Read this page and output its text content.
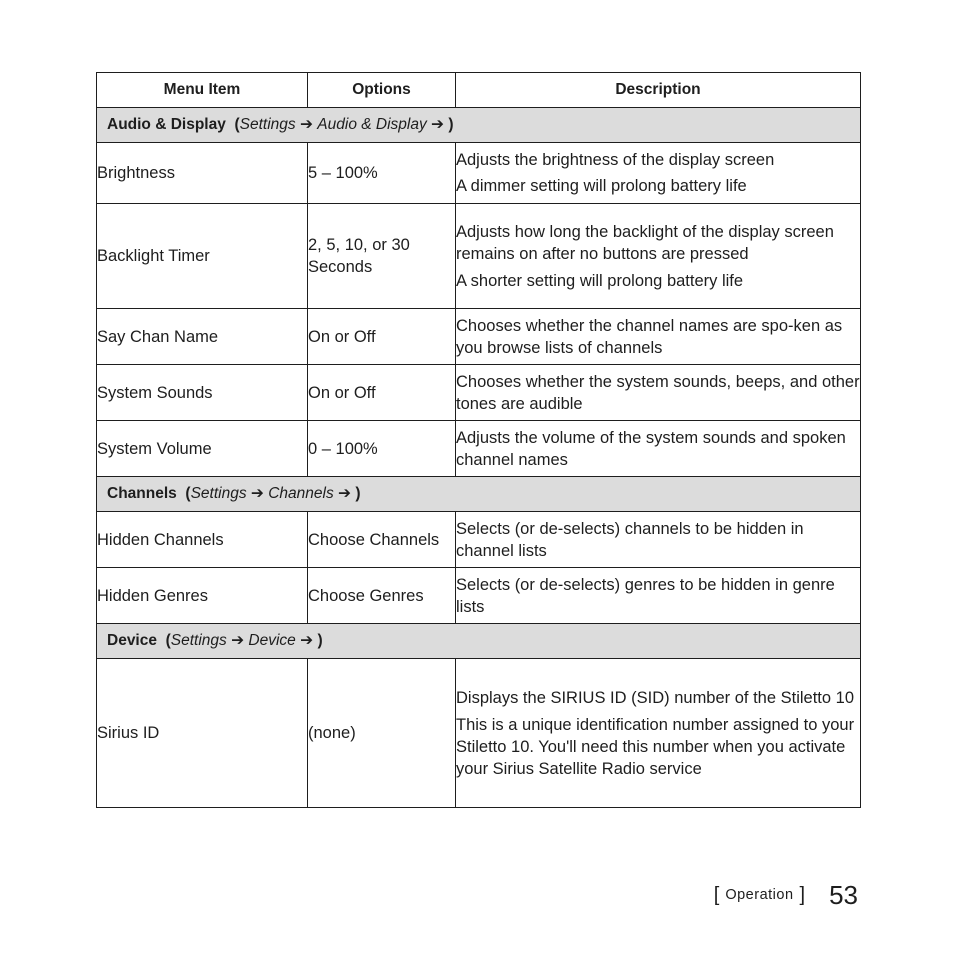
Menu Item	Options	Description
Audio & Display (Settings ➔ Audio & Display ➔ )		
Brightness	5 – 100%	Adjusts the brightness of the display screen

A dimmer setting will prolong battery life

Backlight Timer	2, 5, 10, or 30 Seconds	Adjusts how long the backlight of the display screen remains on after no buttons are pressed

A shorter setting will prolong battery life

Say Chan Name	On or Off	Chooses whether the channel names are spo-ken as you browse lists of channels

System Sounds	On or Off	Chooses whether the system sounds, beeps, and other tones are audible

System Volume	0 – 100%	Adjusts the volume of the system sounds and spoken channel names

Channels (Settings ➔ Channels ➔ )		
Hidden Channels	Choose Channels	Selects (or de-selects) channels to be hidden in channel lists

Hidden Genres	Choose Genres	Selects (or de-selects) genres to be hidden in genre lists

Device (Settings ➔ Device ➔ )		
Sirius ID	(none)	Displays the SIRIUS ID (SID) number of the Stiletto 10

This is a unique identification number assigned to your Stiletto 10. You'll need this number when you activate your Sirius Satellite Radio service

[ Operation ] 53
